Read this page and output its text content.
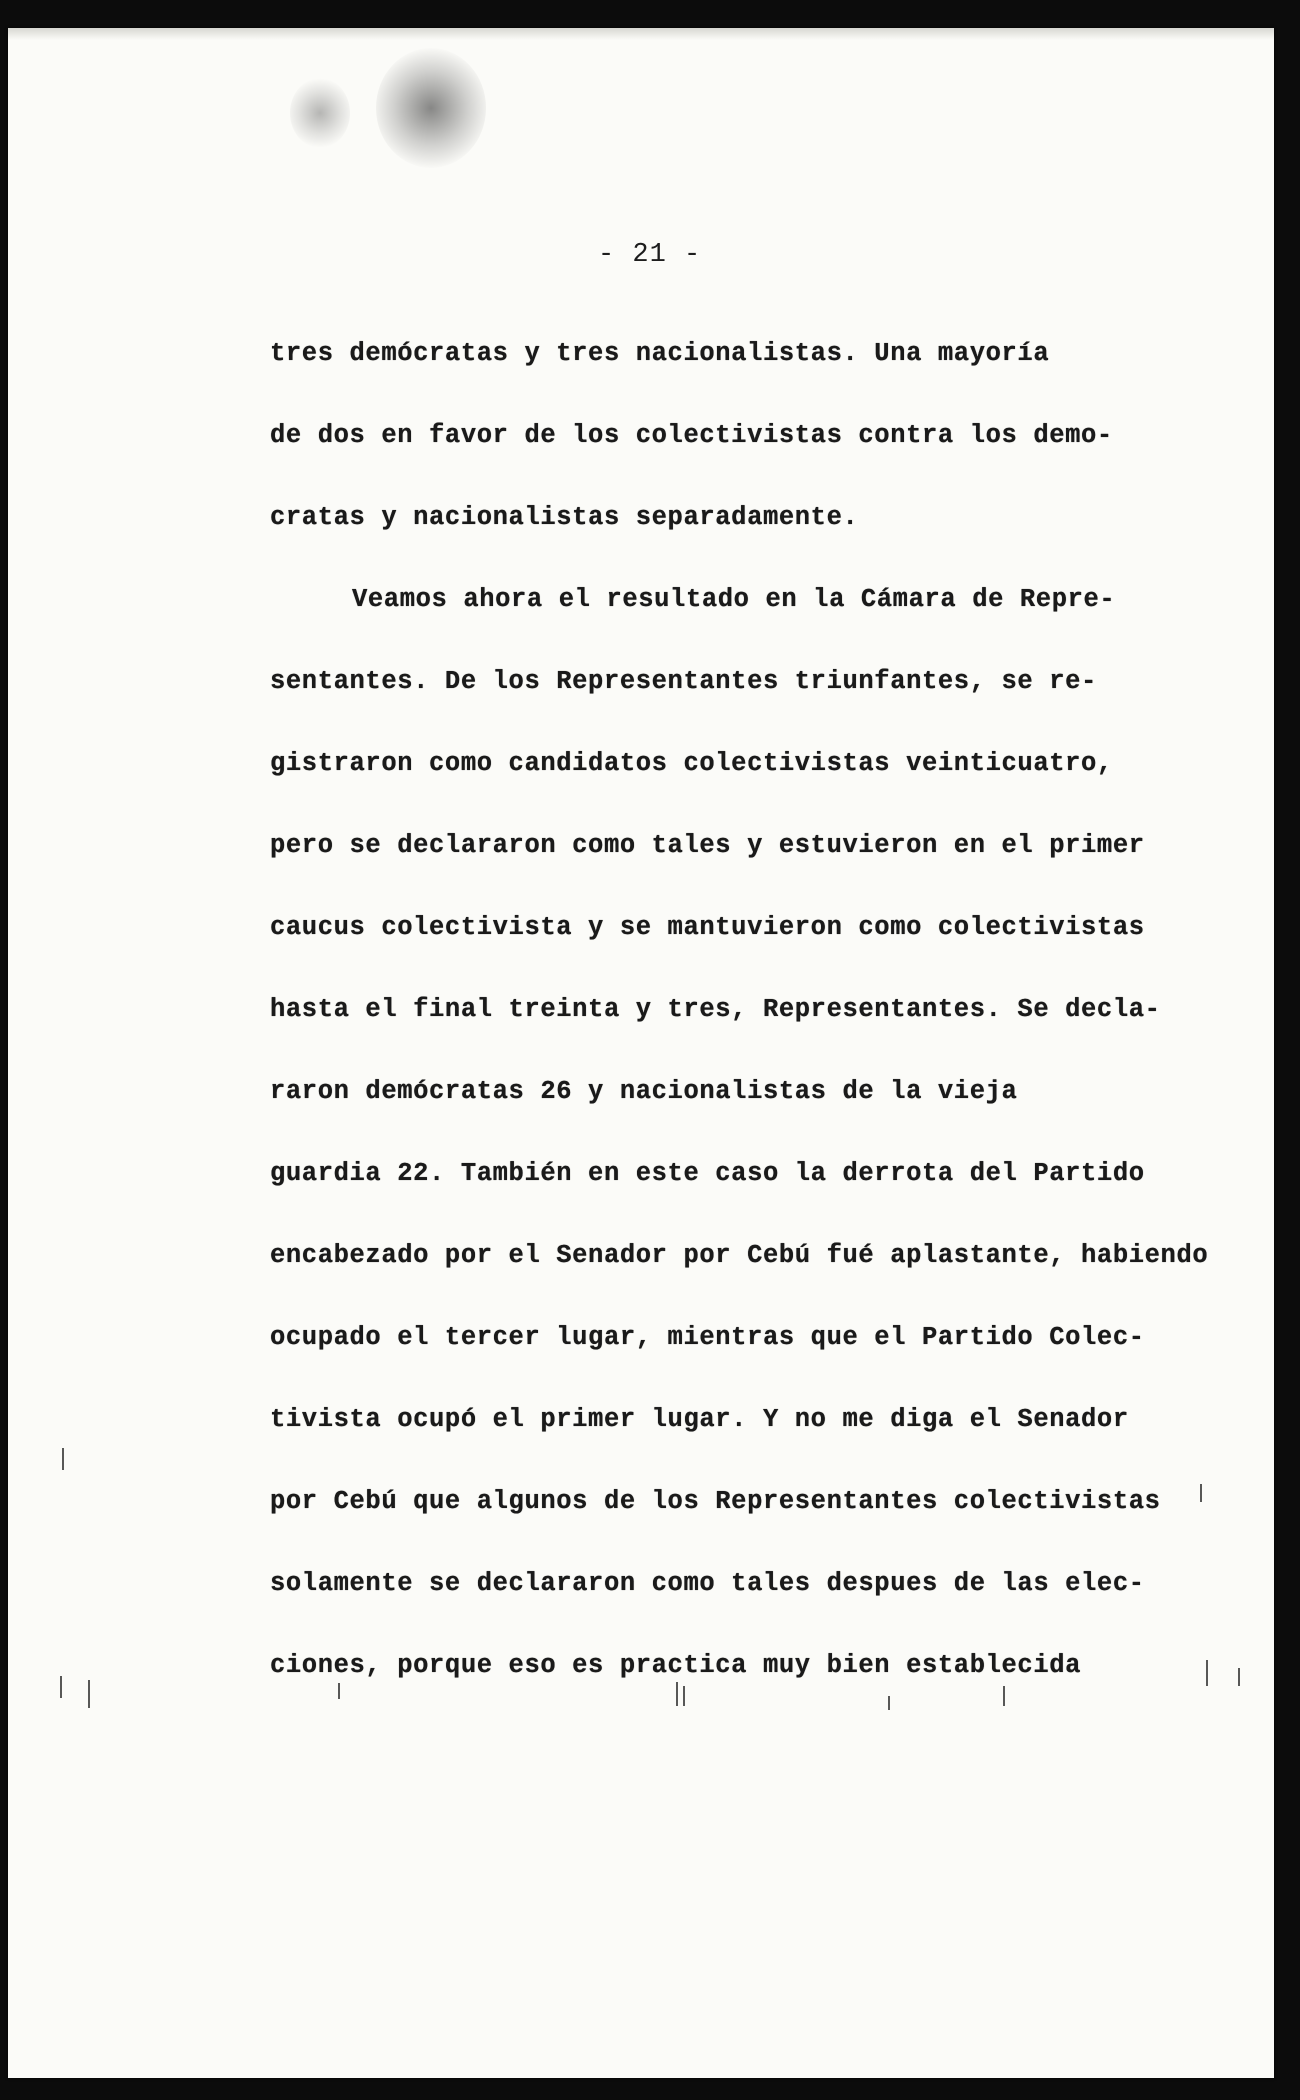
- 21 -
tres demócratas y tres nacionalistas. Una mayoría
de dos en favor de los colectivistas contra los demo-
cratas y nacionalistas separadamente.
Veamos ahora el resultado en la Cámara de Repre-
sentantes. De los Representantes triunfantes, se re-
gistraron como candidatos colectivistas veinticuatro,
pero se declararon como tales y estuvieron en el primer
caucus colectivista y se mantuvieron como colectivistas
hasta el final treinta y tres, Representantes. Se decla-
raron demócratas 26 y nacionalistas de la vieja
guardia 22. También en este caso la derrota del Partido
encabezado por el Senador por Cebú fué aplastante, habiendo
ocupado el tercer lugar, mientras que el Partido Colec-
tivista ocupó el primer lugar. Y no me diga el Senador
por Cebú que algunos de los Representantes colectivistas
solamente se declararon como tales despues de las elec-
ciones, porque eso es practica muy bien establecida
